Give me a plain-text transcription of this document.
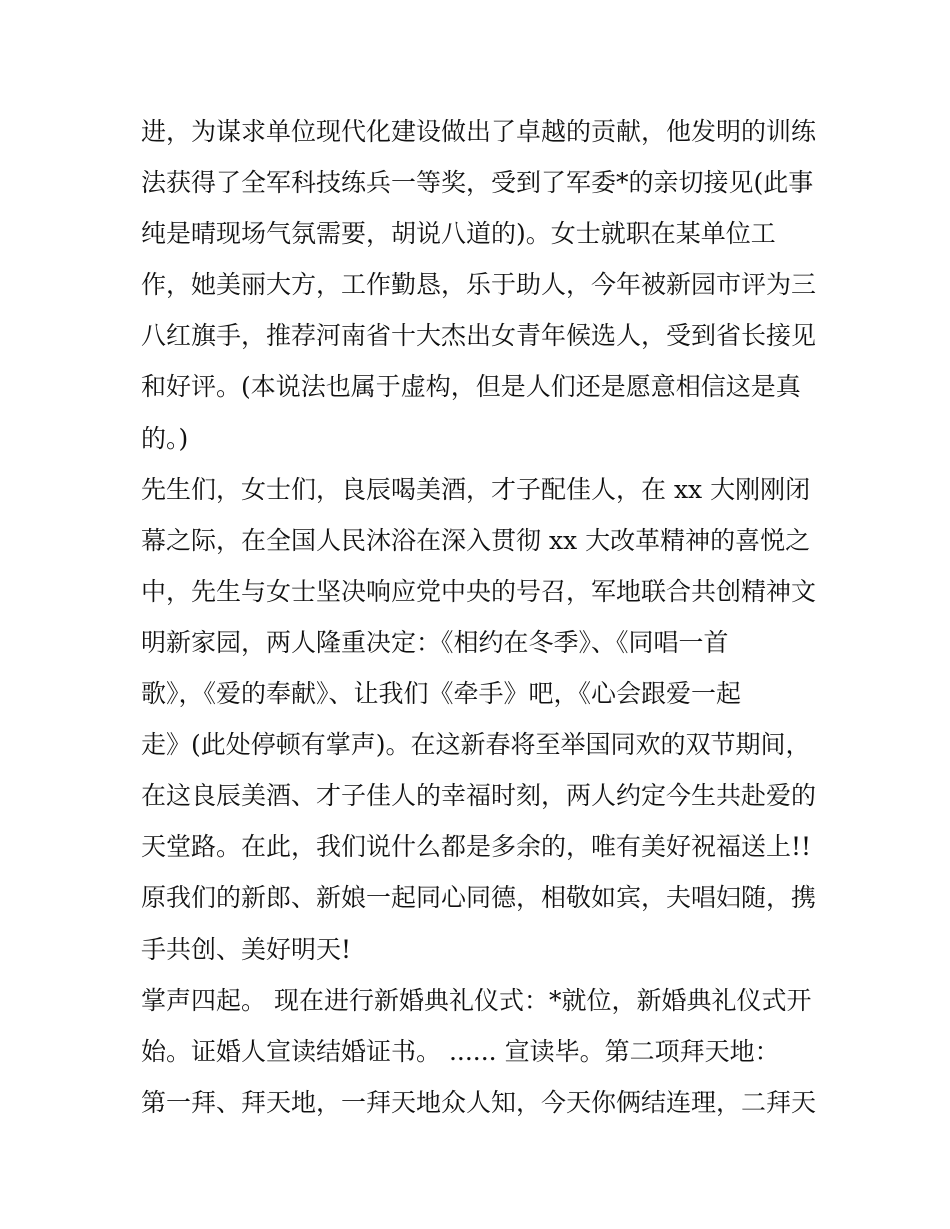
进，为谋求单位现代化建设做出了卓越的贡献，他发明的训练
法获得了全军科技练兵一等奖，受到了军委*的亲切接见(此事
纯是晴现场气氛需要，胡说八道的)。女士就职在某单位工
作，她美丽大方，工作勤恳，乐于助人，今年被新园市评为三
八红旗手，推荐河南省十大杰出女青年候选人，受到省长接见
和好评。(本说法也属于虚构，但是人们还是愿意相信这是真
的。)
先生们，女士们，良辰喝美酒，才子配佳人，在 xx 大刚刚闭
幕之际，在全国人民沐浴在深入贯彻 xx 大改革精神的喜悦之
中，先生与女士坚决响应党中央的号召，军地联合共创精神文
明新家园，两人隆重决定：《相约在冬季》、《同唱一首
歌》，《爱的奉献》、让我们《牵手》吧，《心会跟爱一起
走》(此处停顿有掌声)。在这新春将至举国同欢的双节期间，
在这良辰美酒、才子佳人的幸福时刻，两人约定今生共赴爱的
天堂路。在此，我们说什么都是多余的，唯有美好祝福送上!!
原我们的新郎、新娘一起同心同德，相敬如宾，夫唱妇随，携
手共创、美好明天!
掌声四起。 现在进行新婚典礼仪式：*就位，新婚典礼仪式开
始。证婚人宣读结婚证书。 ...... 宣读毕。第二项拜天地：
第一拜、拜天地，一拜天地众人知，今天你俩结连理，二拜天
